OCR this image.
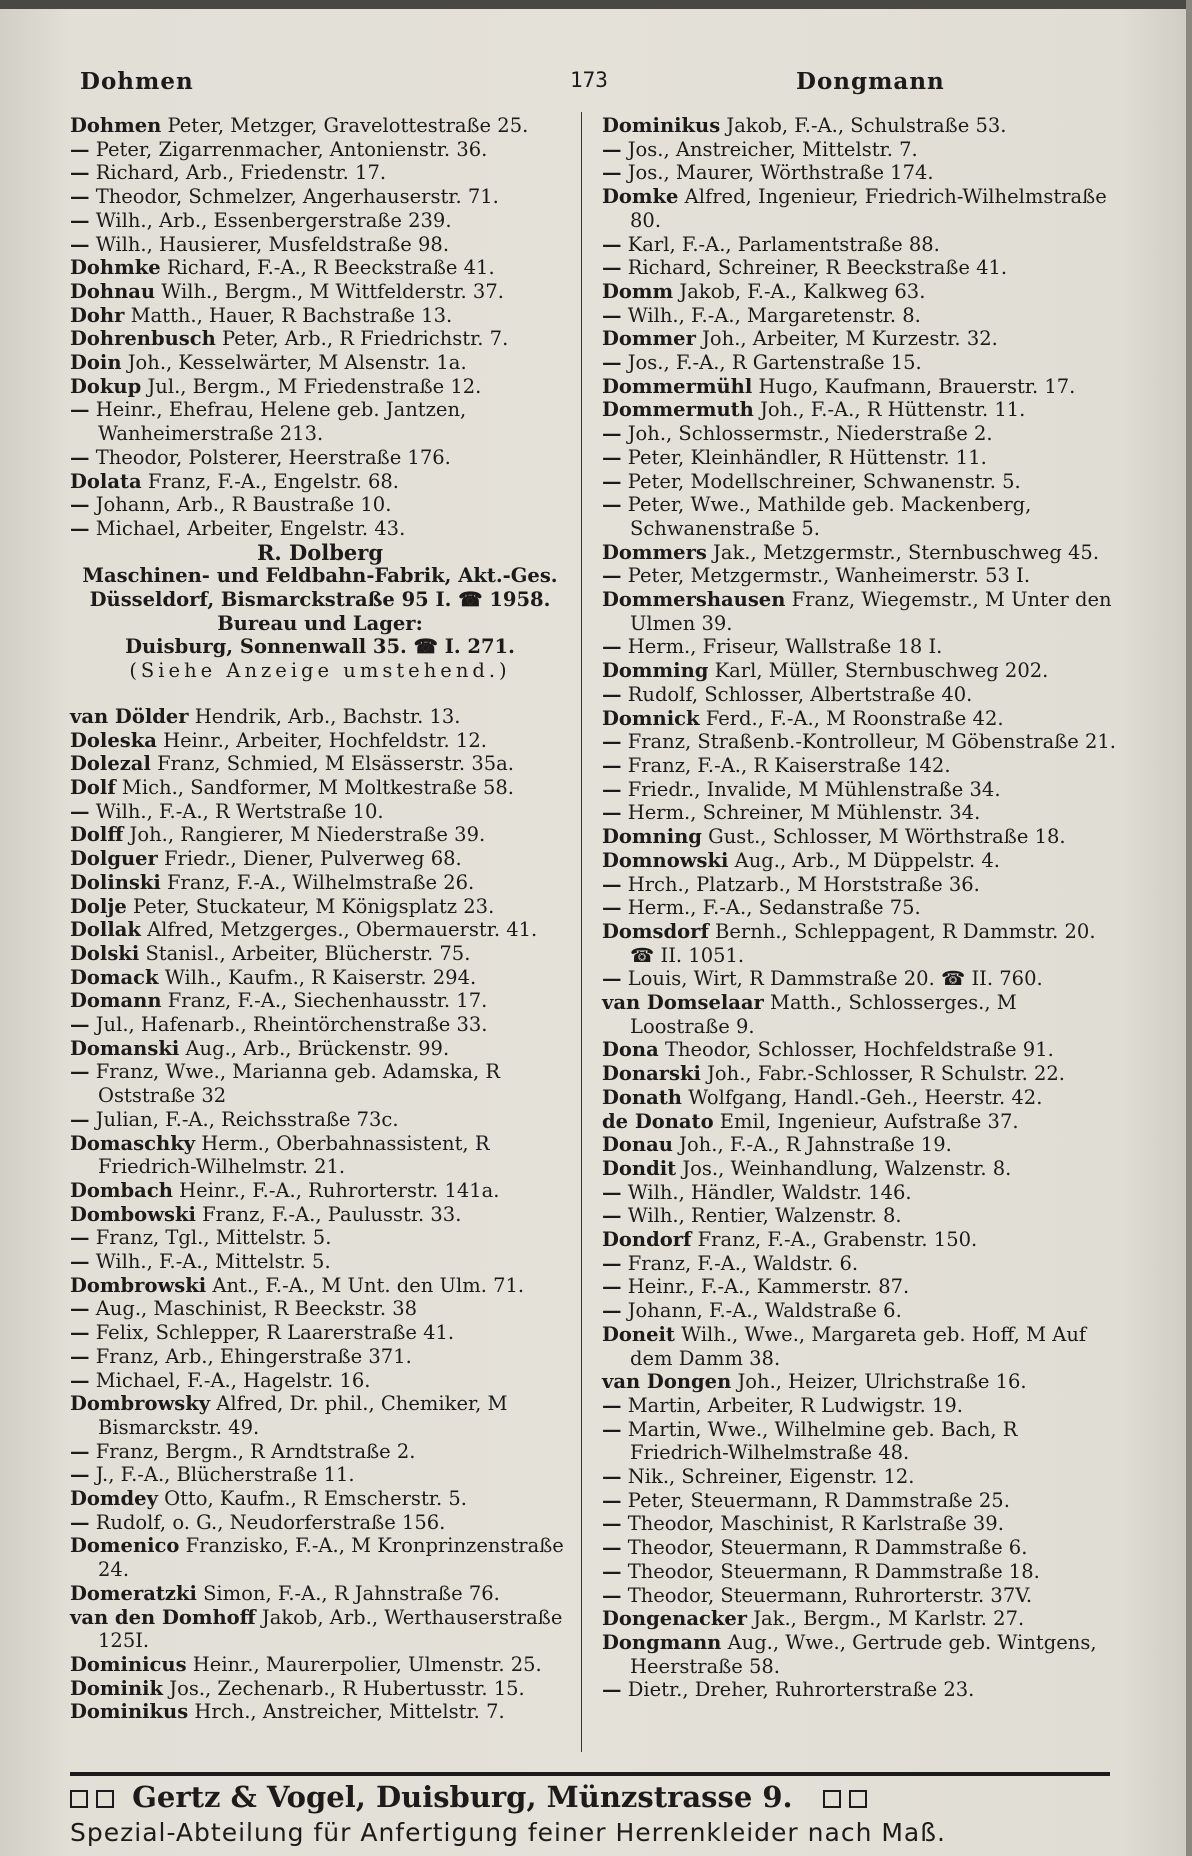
Dohmen	173	Dongmann
Dohmen Peter, Metzger, Gravelottestraße 25.
— Peter, Zigarrenmacher, Antonienstr. 36.
— Richard, Arb., Friedenstr. 17.
— Theodor, Schmelzer, Angerhauserstr. 71.
— Wilh., Arb., Essenbergerstraße 239.
— Wilh., Hausierer, Musfeldstraße 98.
Dohmke Richard, F.-A., R Beeckstraße 41.
Dohnau Wilh., Bergm., M Wittfelderstr. 37.
Dohr Matth., Hauer, R Bachstraße 13.
Dohrenbusch Peter, Arb., R Friedrichstr. 7.
Doin Joh., Kesselwärter, M Alsenstr. 1a.
Dokup Jul., Bergm., M Friedenstraße 12.
— Heinr., Ehefrau, Helene geb. Jantzen, Wanheimerstraße 213.
— Theodor, Polsterer, Heerstraße 176.
Dolata Franz, F.-A., Engelstr. 68.
— Johann, Arb., R Baustraße 10.
— Michael, Arbeiter, Engelstr. 43.
R. Dolberg
Maschinen- und Feldbahn-Fabrik, Akt.-Ges.
Düsseldorf, Bismarckstraße 95 I. ☎ 1958.
Bureau und Lager:
Duisburg, Sonnenwall 35. ☎ I. 271.
(Siehe Anzeige umstehend.)
van Dölder Hendrik, Arb., Bachstr. 13.
Doleska Heinr., Arbeiter, Hochfeldstr. 12.
Dolezal Franz, Schmied, M Elsässerstr. 35a.
Dolf Mich., Sandformer, M Moltkestraße 58.
— Wilh., F.-A., R Wertstraße 10.
Dolff Joh., Rangierer, M Niederstraße 39.
Dolguer Friedr., Diener, Pulverweg 68.
Dolinski Franz, F.-A., Wilhelmstraße 26.
Dolje Peter, Stuckateur, M Königsplatz 23.
Dollak Alfred, Metzgerges., Obermauerstr. 41.
Dolski Stanisl., Arbeiter, Blücherstr. 75.
Domack Wilh., Kaufm., R Kaiserstr. 294.
Domann Franz, F.-A., Siechenhausstr. 17.
— Jul., Hafenarb., Rheintörchenstraße 33.
Domanski Aug., Arb., Brückenstr. 99.
— Franz, Wwe., Marianna geb. Adamska, R Oststraße 32
— Julian, F.-A., Reichsstraße 73c.
Domaschky Herm., Oberbahnassistent, R Friedrich-Wilhelmstr. 21.
Dombach Heinr., F.-A., Ruhrorterstr. 141a.
Dombowski Franz, F.-A., Paulusstr. 33.
— Franz, Tgl., Mittelstr. 5.
— Wilh., F.-A., Mittelstr. 5.
Dombrowski Ant., F.-A., M Unt. den Ulm. 71.
— Aug., Maschinist, R Beeckstr. 38
— Felix, Schlepper, R Laarerstraße 41.
— Franz, Arb., Ehingerstraße 371.
— Michael, F.-A., Hagelstr. 16.
Dombrowsky Alfred, Dr. phil., Chemiker, M Bismarckstr. 49.
— Franz, Bergm., R Arndtstraße 2.
— J., F.-A., Blücherstraße 11.
Domdey Otto, Kaufm., R Emscherstr. 5.
— Rudolf, o. G., Neudorferstraße 156.
Domenico Franzisko, F.-A., M Kronprinzenstraße 24.
Domeratzki Simon, F.-A., R Jahnstraße 76.
van den Domhoff Jakob, Arb., Werthauserstraße 125I.
Dominicus Heinr., Maurerpolier, Ulmenstr. 25.
Dominik Jos., Zechenarb., R Hubertusstr. 15.
Dominikus Hrch., Anstreicher, Mittelstr. 7.
Dominikus Jakob, F.-A., Schulstraße 53.
— Jos., Anstreicher, Mittelstr. 7.
— Jos., Maurer, Wörthstraße 174.
Domke Alfred, Ingenieur, Friedrich-Wilhelmstraße 80.
— Karl, F.-A., Parlamentstraße 88.
— Richard, Schreiner, R Beeckstraße 41.
Domm Jakob, F.-A., Kalkweg 63.
— Wilh., F.-A., Margaretenstr. 8.
Dommer Joh., Arbeiter, M Kurzestr. 32.
— Jos., F.-A., R Gartenstraße 15.
Dommermühl Hugo, Kaufmann, Brauerstr. 17.
Dommermuth Joh., F.-A., R Hüttenstr. 11.
— Joh., Schlossermstr., Niederstraße 2.
— Peter, Kleinhändler, R Hüttenstr. 11.
— Peter, Modellschreiner, Schwanenstr. 5.
— Peter, Wwe., Mathilde geb. Mackenberg, Schwanenstraße 5.
Dommers Jak., Metzgermstr., Sternbuschweg 45.
— Peter, Metzgermstr., Wanheimerstr. 53 I.
Dommershausen Franz, Wiegemstr., M Unter den Ulmen 39.
— Herm., Friseur, Wallstraße 18 I.
Domming Karl, Müller, Sternbuschweg 202.
— Rudolf, Schlosser, Albertstraße 40.
Domnick Ferd., F.-A., M Roonstraße 42.
— Franz, Straßenb.-Kontrolleur, M Göbenstraße 21.
— Franz, F.-A., R Kaiserstraße 142.
— Friedr., Invalide, M Mühlenstraße 34.
— Herm., Schreiner, M Mühlenstr. 34.
Domning Gust., Schlosser, M Wörthstraße 18.
Domnowski Aug., Arb., M Düppelstr. 4.
— Hrch., Platzarb., M Horststraße 36.
— Herm., F.-A., Sedanstraße 75.
Domsdorf Bernh., Schleppagent, R Dammstr. 20. ☎ II. 1051.
— Louis, Wirt, R Dammstraße 20. ☎ II. 760.
van Domselaar Matth., Schlosserges., M Loostraße 9.
Dona Theodor, Schlosser, Hochfeldstraße 91.
Donarski Joh., Fabr.-Schlosser, R Schulstr. 22.
Donath Wolfgang, Handl.-Geh., Heerstr. 42.
de Donato Emil, Ingenieur, Aufstraße 37.
Donau Joh., F.-A., R Jahnstraße 19.
Dondit Jos., Weinhandlung, Walzenstr. 8.
— Wilh., Händler, Waldstr. 146.
— Wilh., Rentier, Walzenstr. 8.
Dondorf Franz, F.-A., Grabenstr. 150.
— Franz, F.-A., Waldstr. 6.
— Heinr., F.-A., Kammerstr. 87.
— Johann, F.-A., Waldstraße 6.
Doneit Wilh., Wwe., Margareta geb. Hoff, M Auf dem Damm 38.
van Dongen Joh., Heizer, Ulrichstraße 16.
— Martin, Arbeiter, R Ludwigstr. 19.
— Martin, Wwe., Wilhelmine geb. Bach, R Friedrich-Wilhelmstraße 48.
— Nik., Schreiner, Eigenstr. 12.
— Peter, Steuermann, R Dammstraße 25.
— Theodor, Maschinist, R Karlstraße 39.
— Theodor, Steuermann, R Dammstraße 6.
— Theodor, Steuermann, R Dammstraße 18.
— Theodor, Steuermann, Ruhrorterstr. 37V.
Dongenacker Jak., Bergm., M Karlstr. 27.
Dongmann Aug., Wwe., Gertrude geb. Wintgens, Heerstraße 58.
— Dietr., Dreher, Ruhrorterstraße 23.
Gertz & Vogel, Duisburg, Münzstrasse 9.
Spezial-Abteilung für Anfertigung feiner Herrenkleider nach Maß.
